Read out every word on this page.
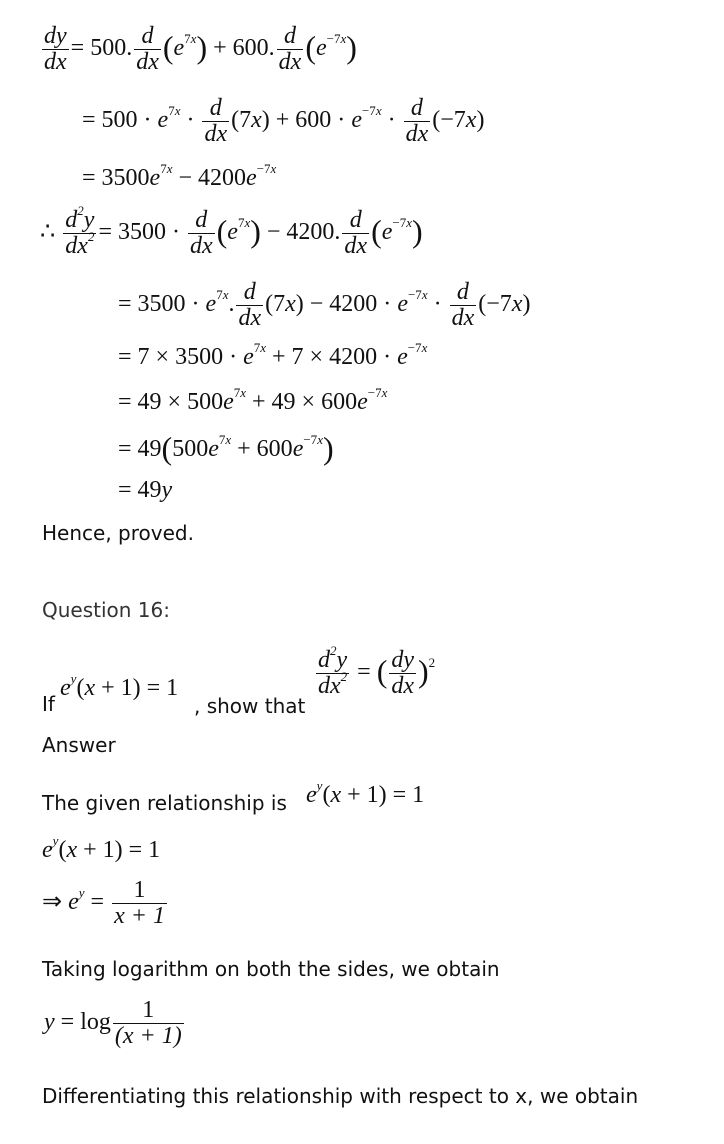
$\frac{dy}{dx} = 500$. $\frac{d}{dx} (e^{7x}) + 600$. $\frac{d}{dx} (e^{-7x})$
= $500 \cdot e^{7x} \cdot \frac{d}{dx} (7x) + 600 \cdot e^{-7x} \cdot \frac{d}{dx} (-7x)$
= $3500e^{7x} - 4200e^{-7x}$
∴ $\frac{d^2y}{dx^2} = 3500 \cdot \frac{d}{dx} (e^{7x}) - 4200$. $\frac{d}{dx} (e^{-7x})$
= $3500 \cdot e^{7x}$. $\frac{d}{dx} (7x) - 4200 \cdot e^{-7x} \cdot \frac{d}{dx} (-7x)$
= $7 \times 3500 \cdot e^{7x} + 7 \times 4200 \cdot e^{-7x}$
= $49 \times 500e^{7x} + 49 \times 600e^{-7x}$
= $49(500e^{7x} + 600e^{-7x})$
= 49y
Hence, proved.
Question 16:
If
$e^y(x + 1) = 1$
, show that
$\frac{d^2y}{dx^2}$ = ( $\frac{dy}{dx} )^2$
Answer
The given relationship is $e^y(x + 1) = 1$
$e^y(x + 1) = 1$
⇒ $e^y = \frac{1}{x + 1}$
Taking logarithm on both the sides, we obtain
$y = \log \frac{1}{(x + 1)}$
Differentiating this relationship with respect to x, we obtain
